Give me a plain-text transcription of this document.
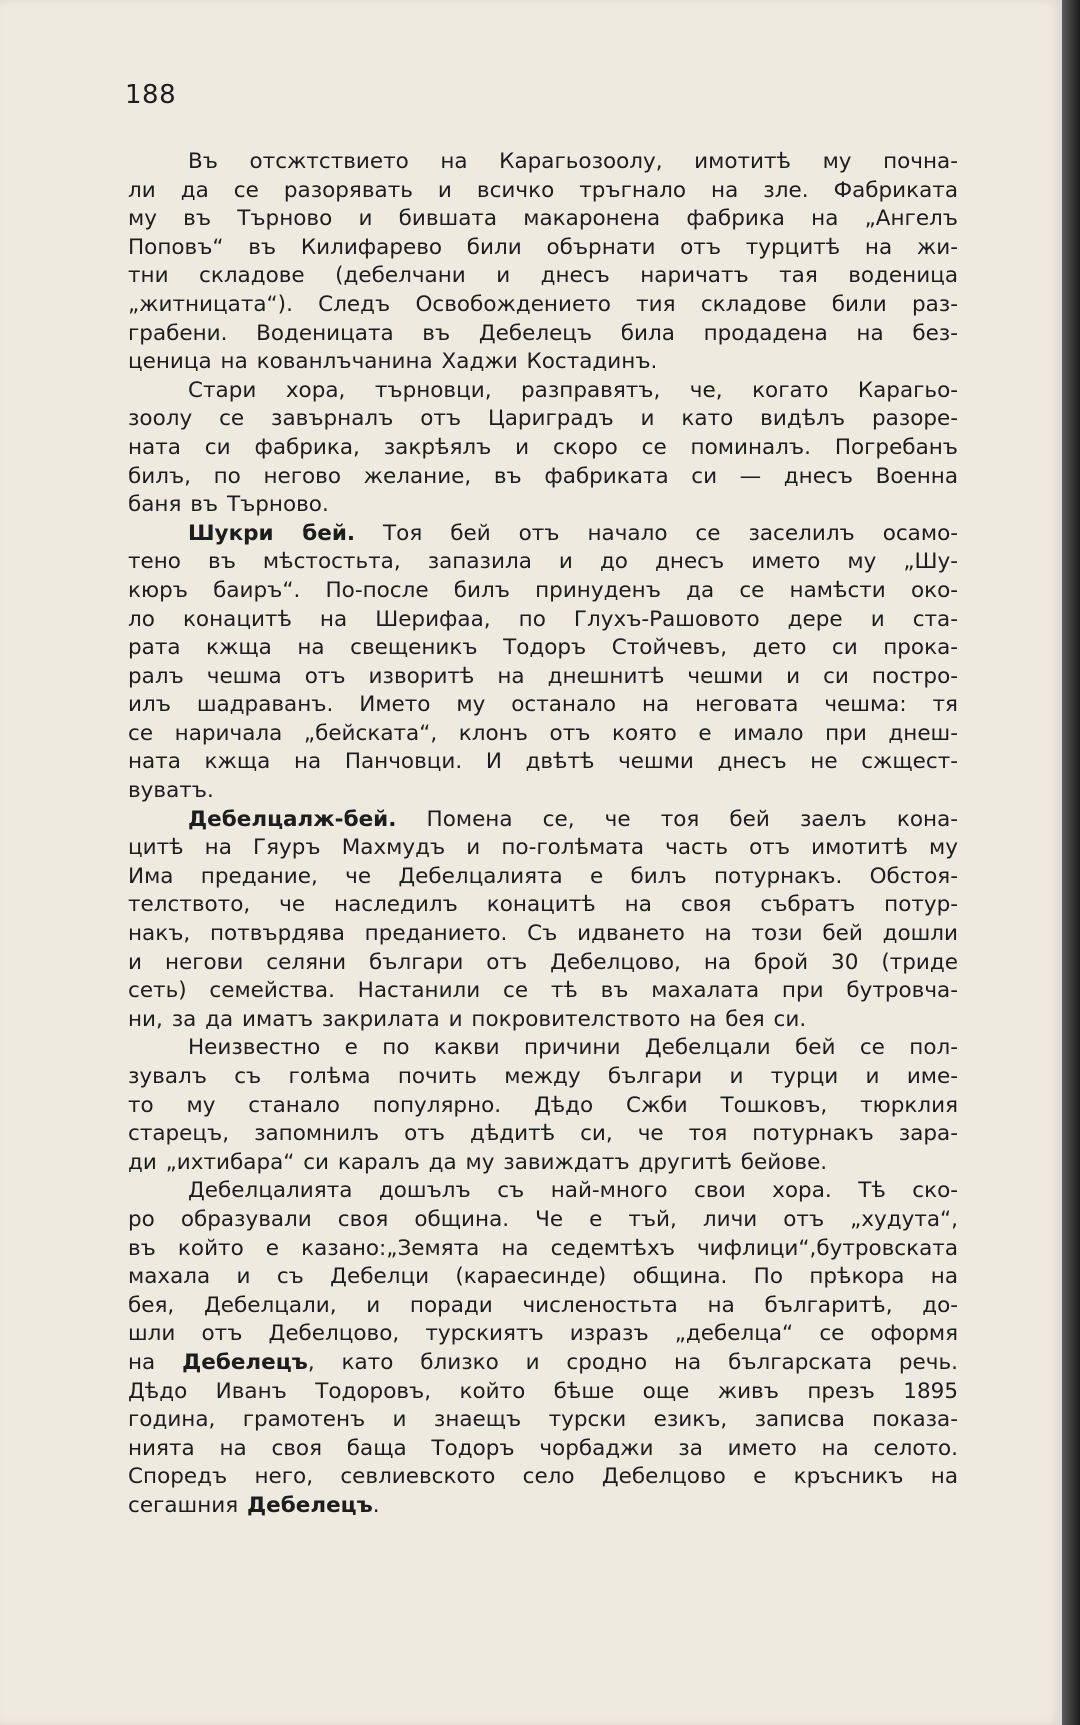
188

Въ отсжтствието на Карагьозоолу, имотитѣ му почна-
ли да се разорявать и всичко тръгнало на зле. Фабриката
му въ Търново и бившата макаронена фабрика на „Ангелъ
Поповъ“ въ Килифарево били обърнати отъ турцитѣ на жи-
тни складове (дебелчани и днесъ наричатъ тая воденица
„житницата“). Следъ Освобождението тия складове били раз-
грабени. Воденицата въ Дебелецъ била продадена на без-
ценица на кованлъчанина Хаджи Костадинъ.

Стари хора, търновци, разправятъ, че, когато Карагьо-
зоолу се завърналъ отъ Цариградъ и като видѣлъ разоре-
ната си фабрика, закрѣялъ и скоро се поминалъ. Погребанъ
билъ, по негово желание, въ фабриката си — днесъ Военна
баня въ Търново.

Шукри бей. Тоя бей отъ начало се заселилъ осамо-
тено въ мѣстостьта, запазила и до днесъ името му „Шу-
кюръ баиръ“. По-после билъ принуденъ да се намѣсти око-
ло конацитѣ на Шерифаа, по Глухъ-Рашовото дере и ста-
рата кжща на свещеникъ Тодоръ Стойчевъ, дето си прока-
ралъ чешма отъ изворитѣ на днешнитѣ чешми и си постро-
илъ шадраванъ. Името му останало на неговата чешма: тя
се наричала „бейската“, клонъ отъ която е имало при днеш-
ната кжща на Панчовци. И двѣтѣ чешми днесъ не сжщест-
вуватъ.

Дебелцалж-бей. Помена се, че тоя бей заелъ кона-
цитѣ на Гяуръ Махмудъ и по-голѣмата часть отъ имотитѣ му
Има предание, че Дебелцалията е билъ потурнакъ. Обстоя-
телството, че наследилъ конацитѣ на своя събратъ потур-
накъ, потвърдява преданието. Съ идването на този бей дошли
и негови селяни българи отъ Дебелцово, на брой 30 (триде
сеть) семейства. Настанили се тѣ въ махалата при бутровча-
ни, за да иматъ закрилата и покровителството на бея си.

Неизвестно е по какви причини Дебелцали бей се пол-
зувалъ съ голѣма почить между българи и турци и име-
то му станало популярно. Дѣдо Сжби Тошковъ, тюрклия
старецъ, запомнилъ отъ дѣдитѣ си, че тоя потурнакъ зара-
ди „ихтибара“ си каралъ да му завиждатъ другитѣ бейове.

Дебелцалията дошълъ съ най-много свои хора. Тѣ ско-
ро образували своя община. Че е тъй, личи отъ „худута“,
въ който е казано:„Земята на седемтѣхъ чифлици“,бутровската
махала и съ Дебелци (караесинде) община. По прѣкора на
бея, Дебелцали, и поради численостьта на българитѣ, до-
шли отъ Дебелцово, турскиятъ изразъ „дебелца“ се оформя
на Дебелецъ, като близко и сродно на българската речь.
Дѣдо Иванъ Тодоровъ, който бѣше още живъ презъ 1895
година, грамотенъ и знаещъ турски езикъ, записва показа-
нията на своя баща Тодоръ чорбаджи за името на селото.
Споредъ него, севлиевското село Дебелцово е кръсникъ на
сегашния Дебелецъ.
